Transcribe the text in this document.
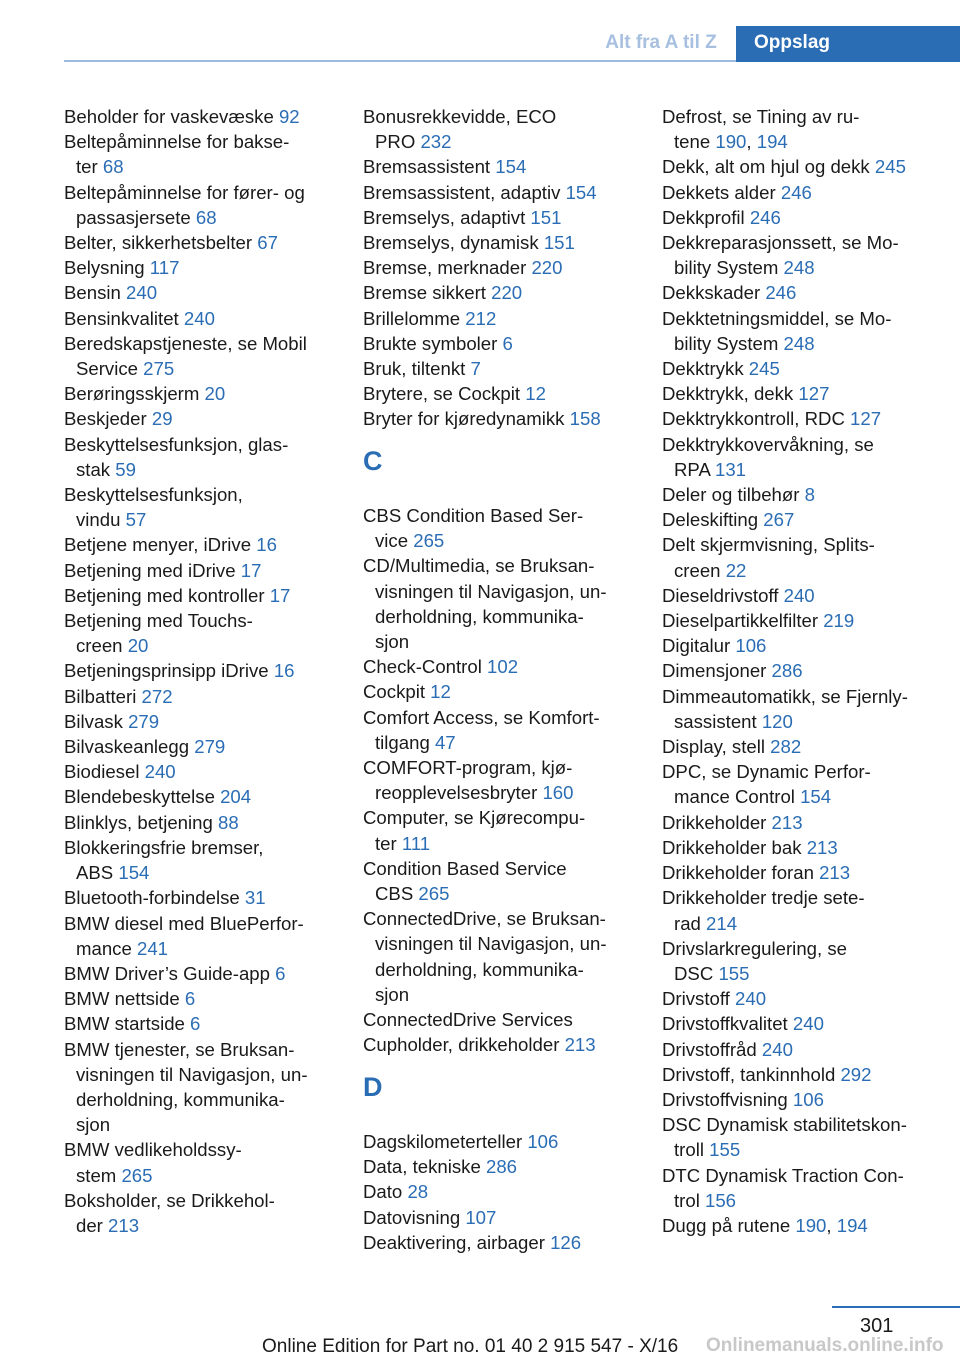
Alt fra A til Z	Oppslag
Beholder for vaskevæske 92
Beltepåminnelse for bakse‐
ter 68
Beltepåminnelse for fører- og
passasjersete 68
Belter, sikkerhetsbelter 67
Belysning 117
Bensin 240
Bensinkvalitet 240
Beredskapstjeneste, se Mobil
Service 275
Berøringsskjerm 20
Beskjeder 29
Beskyttelsesfunksjon, glas‐
stak 59
Beskyttelsesfunksjon,
vindu 57
Betjene menyer, iDrive 16
Betjening med iDrive 17
Betjening med kontroller 17
Betjening med Touchs‐
creen 20
Betjeningsprinsipp iDrive 16
Bilbatteri 272
Bilvask 279
Bilvaskeanlegg 279
Biodiesel 240
Blendebeskyttelse 204
Blinklys, betjening 88
Blokkeringsfrie bremser,
ABS 154
Bluetooth-forbindelse 31
BMW diesel med BluePerfor‐
mance 241
BMW Driver’s Guide-app 6
BMW nettside 6
BMW startside 6
BMW tjenester, se Bruksan‐
visningen til Navigasjon, un‐
derholdning, kommunika‐
sjon
BMW vedlikeholdssy‐
stem 265
Boksholder, se Drikkehol‐
der 213
Bonusrekkevidde, ECO
PRO 232
Bremsassistent 154
Bremsassistent, adaptiv 154
Bremselys, adaptivt 151
Bremselys, dynamisk 151
Bremse, merknader 220
Bremse sikkert 220
Brillelomme 212
Brukte symboler 6
Bruk, tiltenkt 7
Brytere, se Cockpit 12
Bryter for kjøredynamikk 158
C
CBS Condition Based Ser‐
vice 265
CD/Multimedia, se Bruksan‐
visningen til Navigasjon, un‐
derholdning, kommunika‐
sjon
Check-Control 102
Cockpit 12
Comfort Access, se Komfort‐
tilgang 47
COMFORT-program, kjø‐
reopplevelsesbryter 160
Computer, se Kjørecompu‐
ter 111
Condition Based Service
CBS 265
ConnectedDrive, se Bruksan‐
visningen til Navigasjon, un‐
derholdning, kommunika‐
sjon
ConnectedDrive Services
Cupholder, drikkeholder 213
D
Dagskilometerteller 106
Data, tekniske 286
Dato 28
Datovisning 107
Deaktivering, airbager 126
Defrost, se Tining av ru‐
tene 190, 194
Dekk, alt om hjul og dekk 245
Dekkets alder 246
Dekkprofil 246
Dekkreparasjonssett, se Mo‐
bility System 248
Dekkskader 246
Dekktetningsmiddel, se Mo‐
bility System 248
Dekktrykk 245
Dekktrykk, dekk 127
Dekktrykkontroll, RDC 127
Dekktrykkovervåkning, se
RPA 131
Deler og tilbehør 8
Deleskifting 267
Delt skjermvisning, Splits‐
creen 22
Dieseldrivstoff 240
Dieselpartikkelfilter 219
Digitalur 106
Dimensjoner 286
Dimmeautomatikk, se Fjernly‐
sassistent 120
Display, stell 282
DPC, se Dynamic Perfor‐
mance Control 154
Drikkeholder 213
Drikkeholder bak 213
Drikkeholder foran 213
Drikkeholder tredje sete‐
rad 214
Drivslarkregulering, se
DSC 155
Drivstoff 240
Drivstoffkvalitet 240
Drivstoffråd 240
Drivstoff, tankinnhold 292
Drivstoffvisning 106
DSC Dynamisk stabilitetskon‐
troll 155
DTC Dynamisk Traction Con‐
trol 156
Dugg på rutene 190, 194
301
Online Edition for Part no. 01 40 2 915 547 - X/16 Onlinemanuals.online.info
